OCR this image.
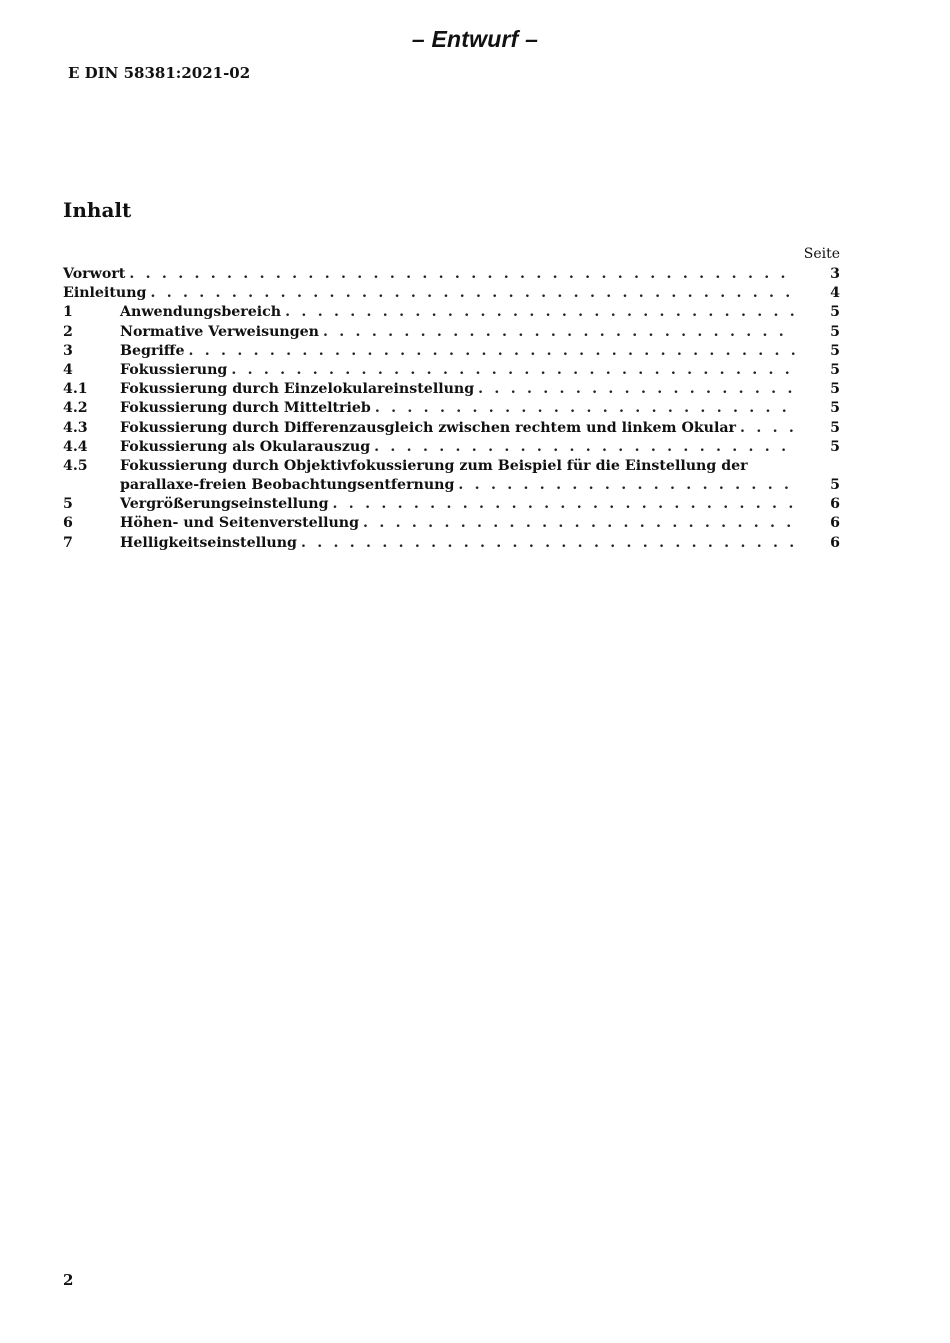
– Entwurf –
E DIN 58381:2021-02
Inhalt
Seite
Vorwort . . .	3
Einleitung . . .	4
1	Anwendungsbereich . . .	5
2	Normative Verweisungen . . .	5
3	Begriffe . . .	5
4	Fokussierung . . .	5
4.1	Fokussierung durch Einzelokulareinstellung . . .	5
4.2	Fokussierung durch Mitteltrieb . . .	5
4.3	Fokussierung durch Differenzausgleich zwischen rechtem und linkem Okular . . .	5
4.4	Fokussierung als Okularauszug . . .	5
4.5	Fokussierung durch Objektivfokussierung zum Beispiel für die Einstellung der
parallaxe-freien Beobachtungsentfernung . . .	5
5	Vergrößerungseinstellung . . .	6
6	Höhen- und Seitenverstellung . . .	6
7	Helligkeitseinstellung . . .	6
2
